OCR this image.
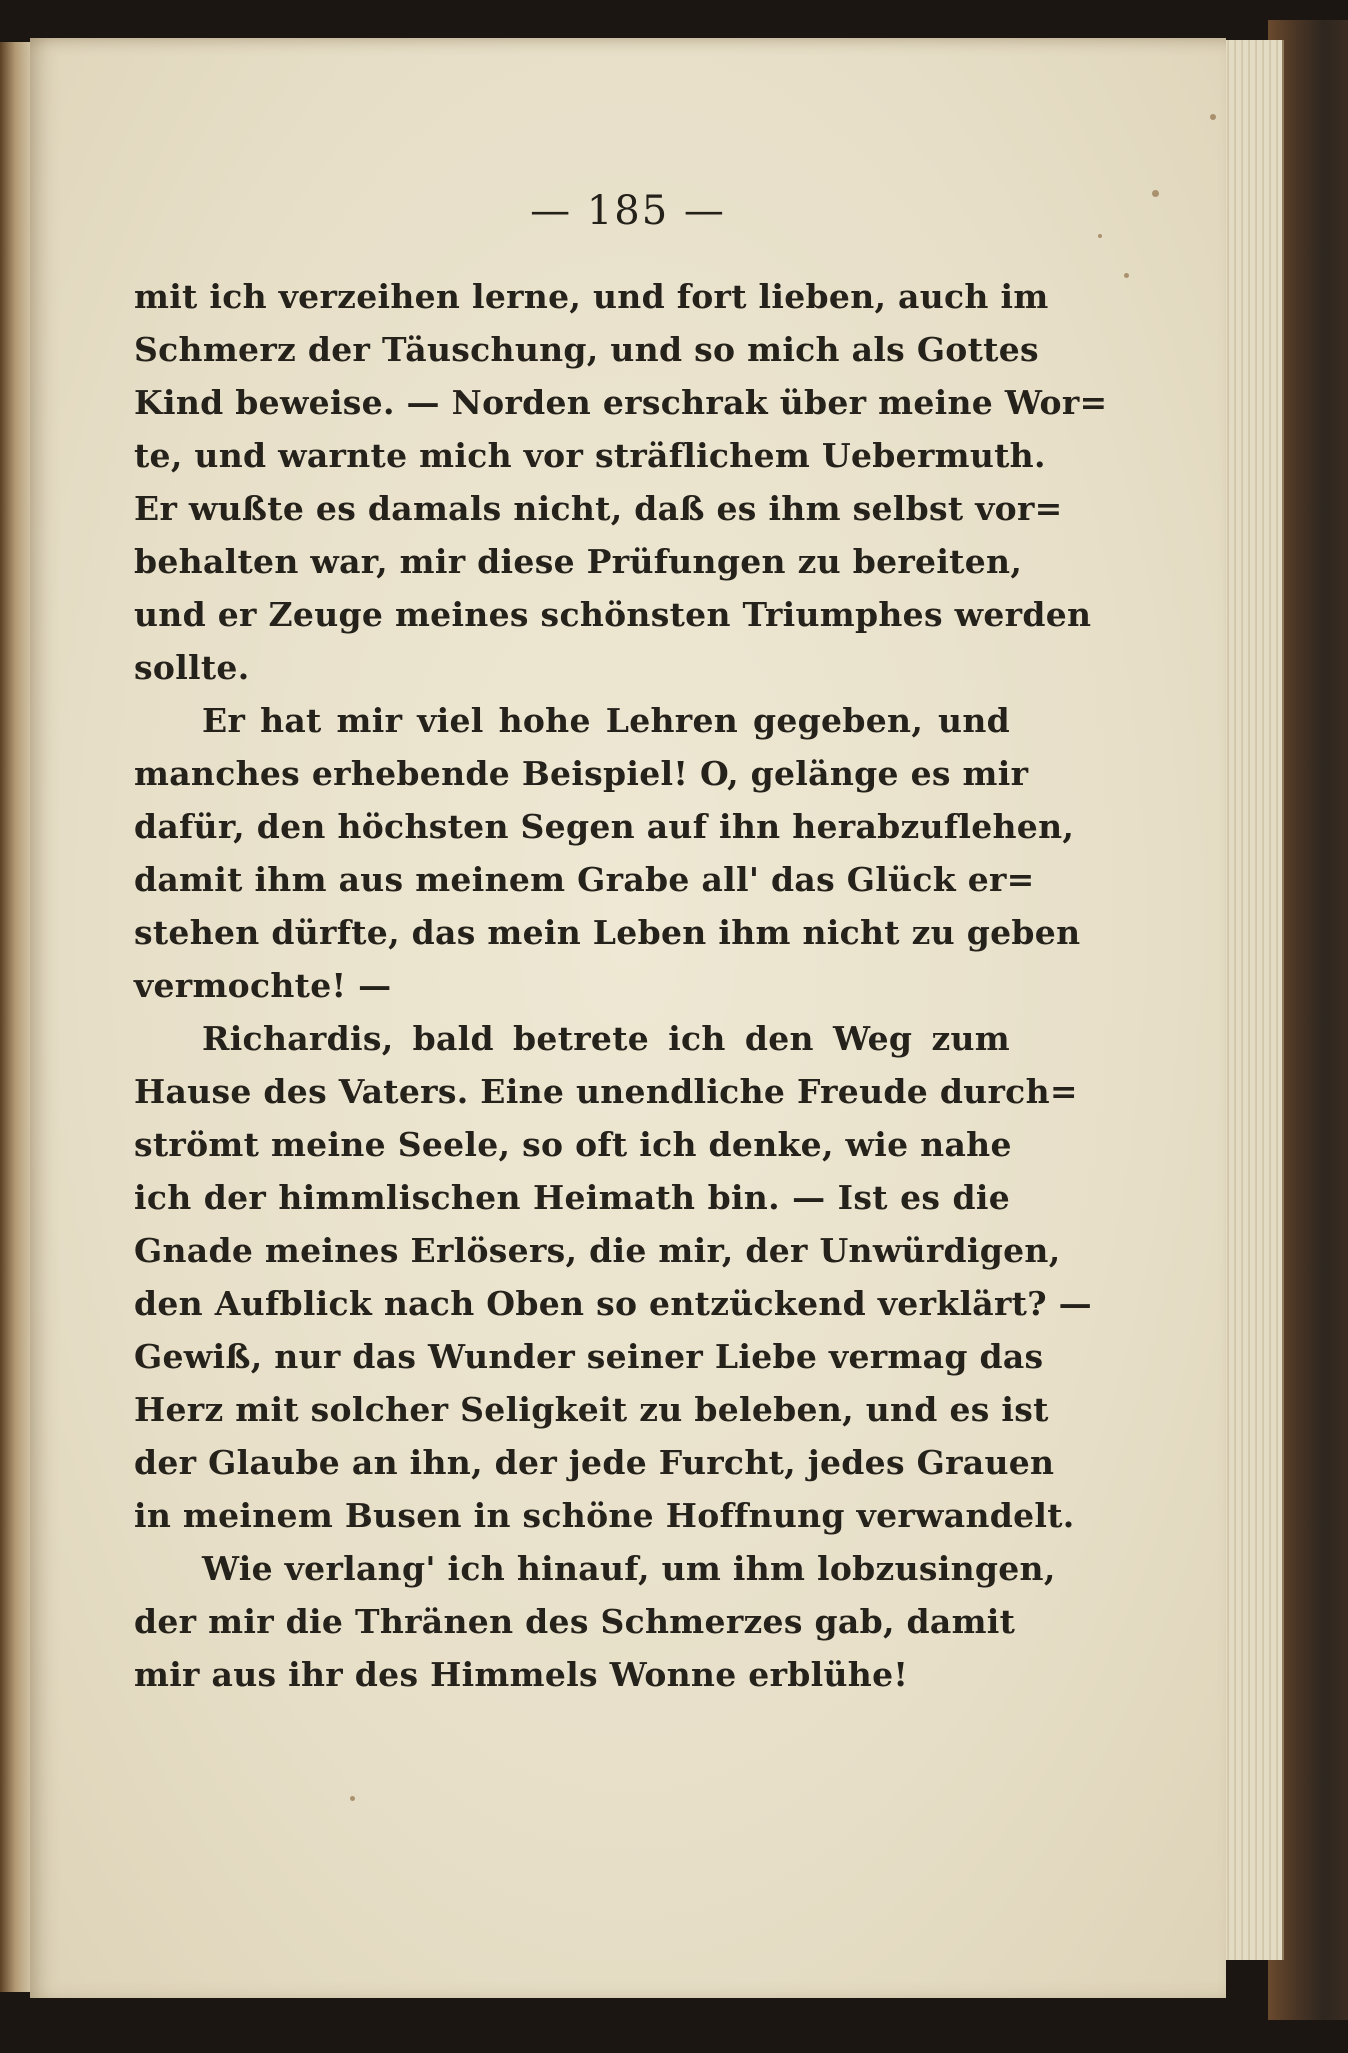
— 185 —
mit ich verzeihen lerne, und fort lieben, auch im
Schmerz der Täuschung, und so mich als Gottes
Kind beweise. — Norden erschrak über meine Wor=
te, und warnte mich vor sträflichem Uebermuth.
Er wußte es damals nicht, daß es ihm selbst vor=
behalten war, mir diese Prüfungen zu bereiten,
und er Zeuge meines schönsten Triumphes werden
sollte.
Er hat mir viel hohe Lehren gegeben, und
manches erhebende Beispiel! O, gelänge es mir
dafür, den höchsten Segen auf ihn herabzuflehen,
damit ihm aus meinem Grabe all' das Glück er=
stehen dürfte, das mein Leben ihm nicht zu geben
vermochte! —
Richardis, bald betrete ich den Weg zum
Hause des Vaters. Eine unendliche Freude durch=
strömt meine Seele, so oft ich denke, wie nahe
ich der himmlischen Heimath bin. — Ist es die
Gnade meines Erlösers, die mir, der Unwürdigen,
den Aufblick nach Oben so entzückend verklärt? —
Gewiß, nur das Wunder seiner Liebe vermag das
Herz mit solcher Seligkeit zu beleben, und es ist
der Glaube an ihn, der jede Furcht, jedes Grauen
in meinem Busen in schöne Hoffnung verwandelt.
Wie verlang' ich hinauf, um ihm lobzusingen,
der mir die Thränen des Schmerzes gab, damit
mir aus ihr des Himmels Wonne erblühe!
